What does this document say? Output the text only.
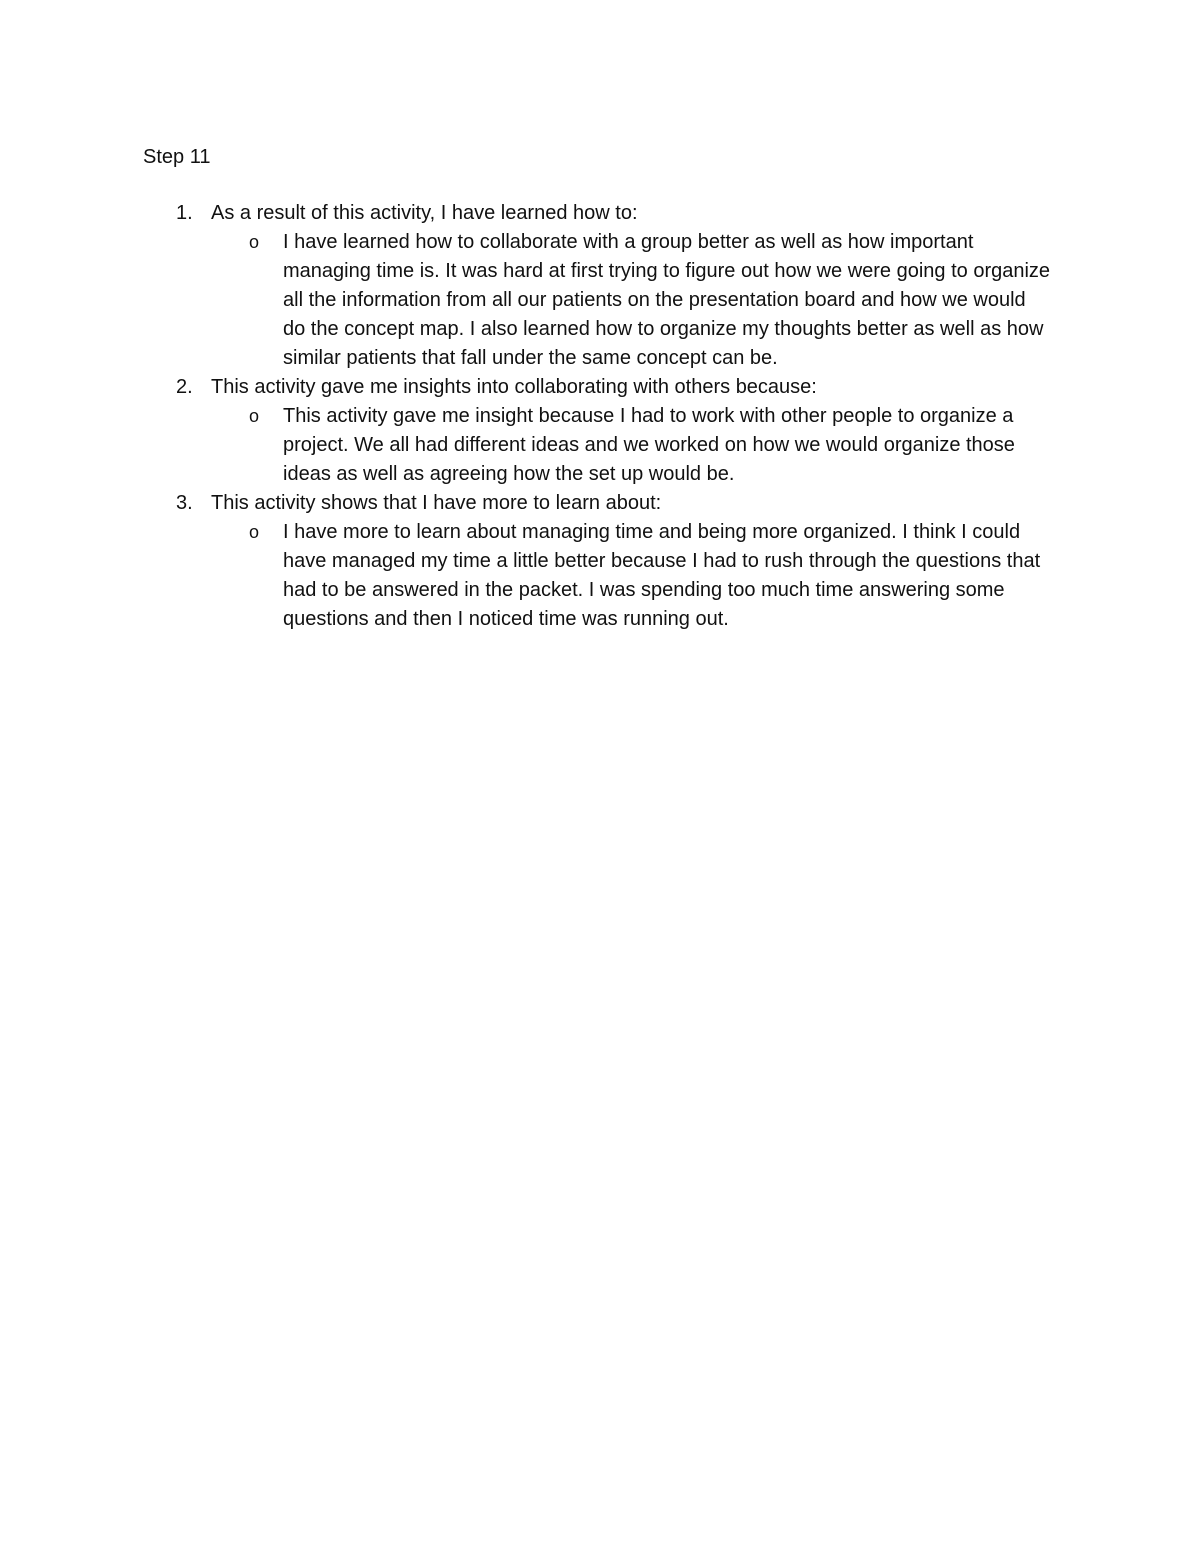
Step 11
1. As a result of this activity, I have learned how to:
o I have learned how to collaborate with a group better as well as how important managing time is. It was hard at first trying to figure out how we were going to organize all the information from all our patients on the presentation board and how we would do the concept map. I also learned how to organize my thoughts better as well as how similar patients that fall under the same concept can be.
2. This activity gave me insights into collaborating with others because:
o This activity gave me insight because I had to work with other people to organize a project. We all had different ideas and we worked on how we would organize those ideas as well as agreeing how the set up would be.
3. This activity shows that I have more to learn about:
o I have more to learn about managing time and being more organized. I think I could have managed my time a little better because I had to rush through the questions that had to be answered in the packet. I was spending too much time answering some questions and then I noticed time was running out.
